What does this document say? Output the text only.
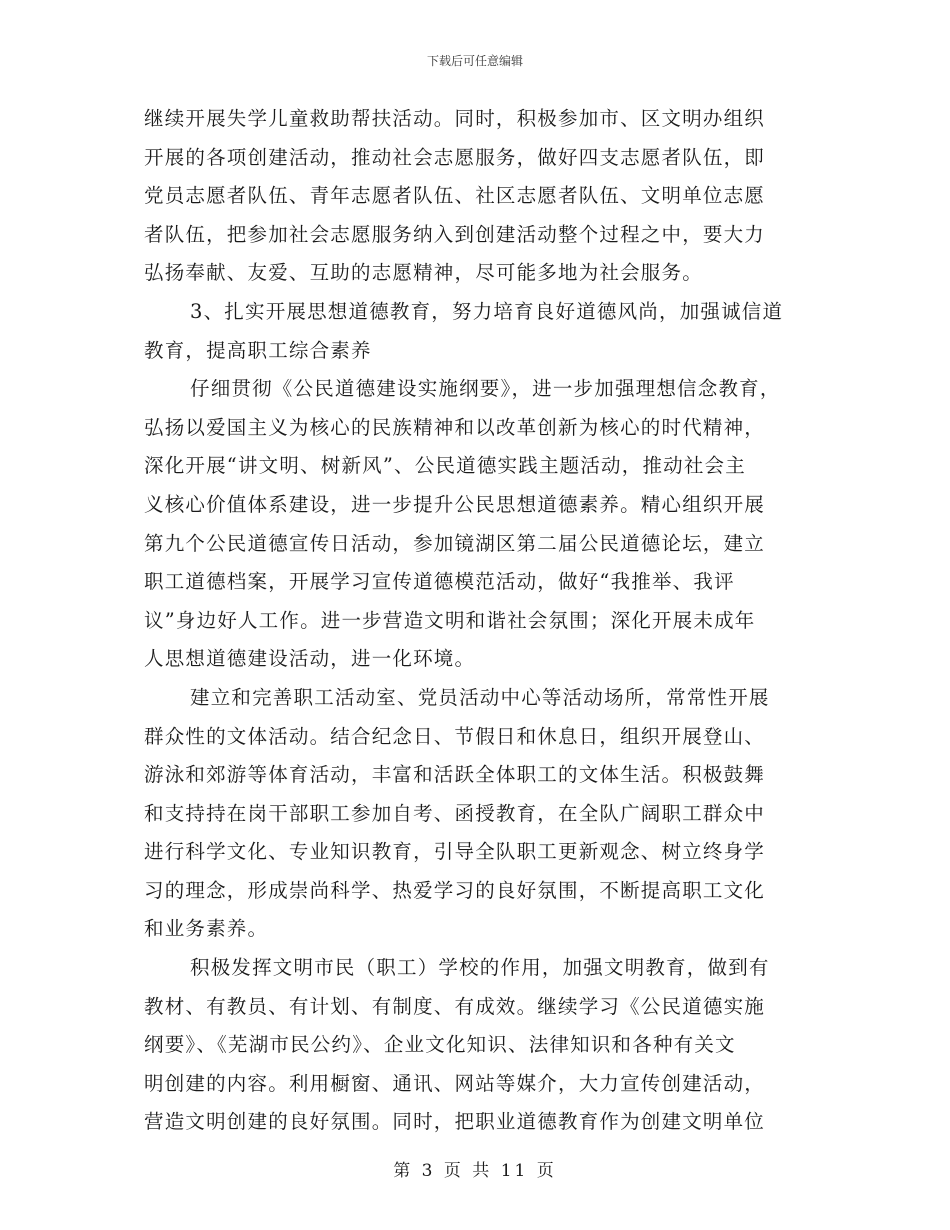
下载后可任意编辑
继续开展失学儿童救助帮扶活动。同时，积极参加市、区文明办组织
开展的各项创建活动，推动社会志愿服务，做好四支志愿者队伍，即
党员志愿者队伍、青年志愿者队伍、社区志愿者队伍、文明单位志愿
者队伍，把参加社会志愿服务纳入到创建活动整个过程之中，要大力
弘扬奉献、友爱、互助的志愿精神，尽可能多地为社会服务。
3、扎实开展思想道德教育，努力培育良好道德风尚，加强诚信道
教育，提高职工综合素养
仔细贯彻《公民道德建设实施纲要》，进一步加强理想信念教育，
弘扬以爱国主义为核心的民族精神和以改革创新为核心的时代精神，
深化开展“讲文明、树新风”、公民道德实践主题活动，推动社会主
义核心价值体系建设，进一步提升公民思想道德素养。精心组织开展
第九个公民道德宣传日活动，参加镜湖区第二届公民道德论坛，建立
职工道德档案，开展学习宣传道德模范活动，做好“我推举、我评
议”身边好人工作。进一步营造文明和谐社会氛围；深化开展未成年
人思想道德建设活动，进一化环境。
建立和完善职工活动室、党员活动中心等活动场所，常常性开展
群众性的文体活动。结合纪念日、节假日和休息日，组织开展登山、
游泳和郊游等体育活动，丰富和活跃全体职工的文体生活。积极鼓舞
和支持持在岗干部职工参加自考、函授教育，在全队广阔职工群众中
进行科学文化、专业知识教育，引导全队职工更新观念、树立终身学
习的理念，形成崇尚科学、热爱学习的良好氛围，不断提高职工文化
和业务素养。
积极发挥文明市民（职工）学校的作用，加强文明教育，做到有
教材、有教员、有计划、有制度、有成效。继续学习《公民道德实施
纲要》、《芜湖市民公约》、企业文化知识、法律知识和各种有关文
明创建的内容。利用橱窗、通讯、网站等媒介，大力宣传创建活动，
营造文明创建的良好氛围。同时，把职业道德教育作为创建文明单位
第 3 页 共 11 页
